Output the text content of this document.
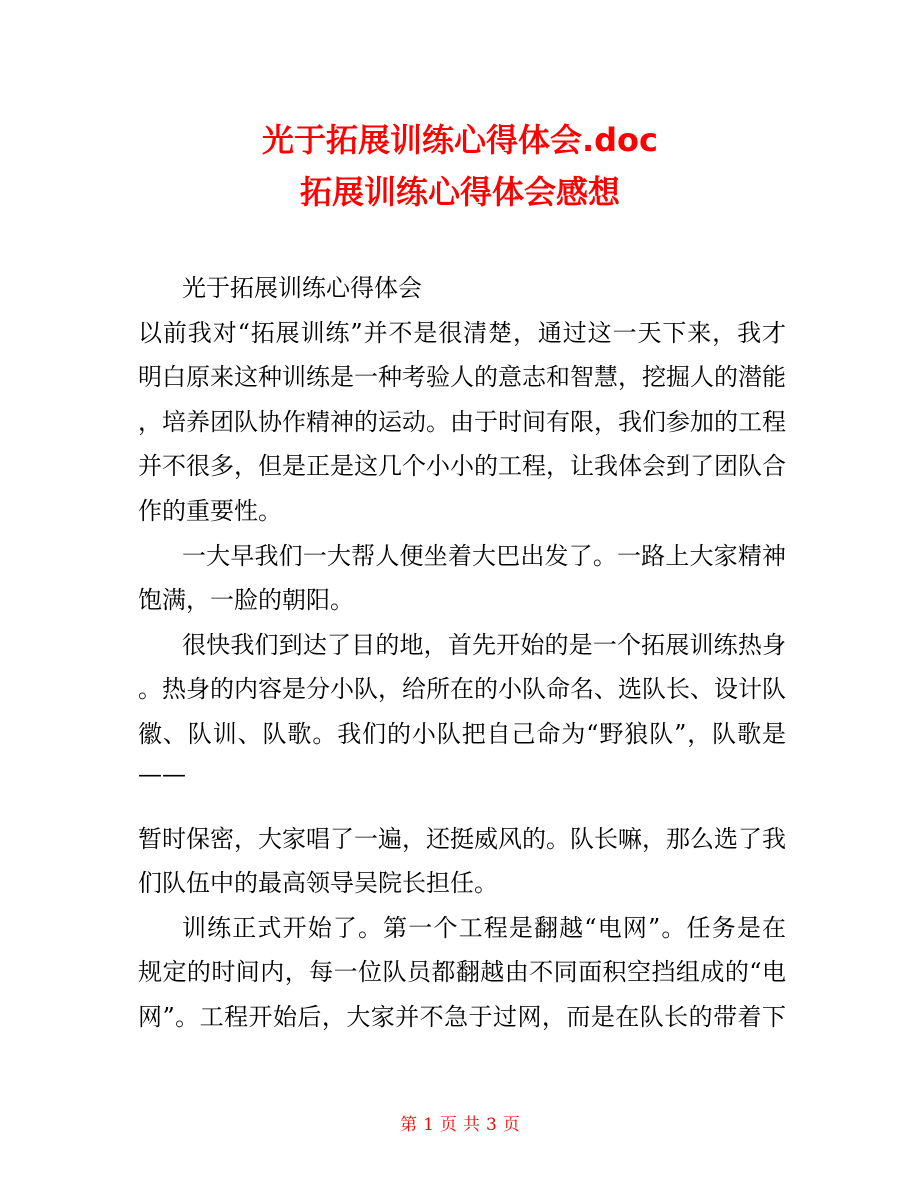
光于拓展训练心得体会.doc
拓展训练心得体会感想
光于拓展训练心得体会
以前我对“拓展训练”并不是很清楚，通过这一天下来，我才
明白原来这种训练是一种考验人的意志和智慧，挖掘人的潜能
，培养团队协作精神的运动。由于时间有限，我们参加的工程
并不很多，但是正是这几个小小的工程，让我体会到了团队合
作的重要性。
一大早我们一大帮人便坐着大巴出发了。一路上大家精神
饱满，一脸的朝阳。
很快我们到达了目的地，首先开始的是一个拓展训练热身
。热身的内容是分小队，给所在的小队命名、选队长、设计队
徽、队训、队歌。我们的小队把自己命为“野狼队”，队歌是
——
暂时保密，大家唱了一遍，还挺威风的。队长嘛，那么选了我
们队伍中的最高领导吴院长担任。
训练正式开始了。第一个工程是翻越“电网”。任务是在
规定的时间内，每一位队员都翻越由不同面积空挡组成的“电
网”。工程开始后，大家并不急于过网，而是在队长的带着下
第 1 页 共 3 页
